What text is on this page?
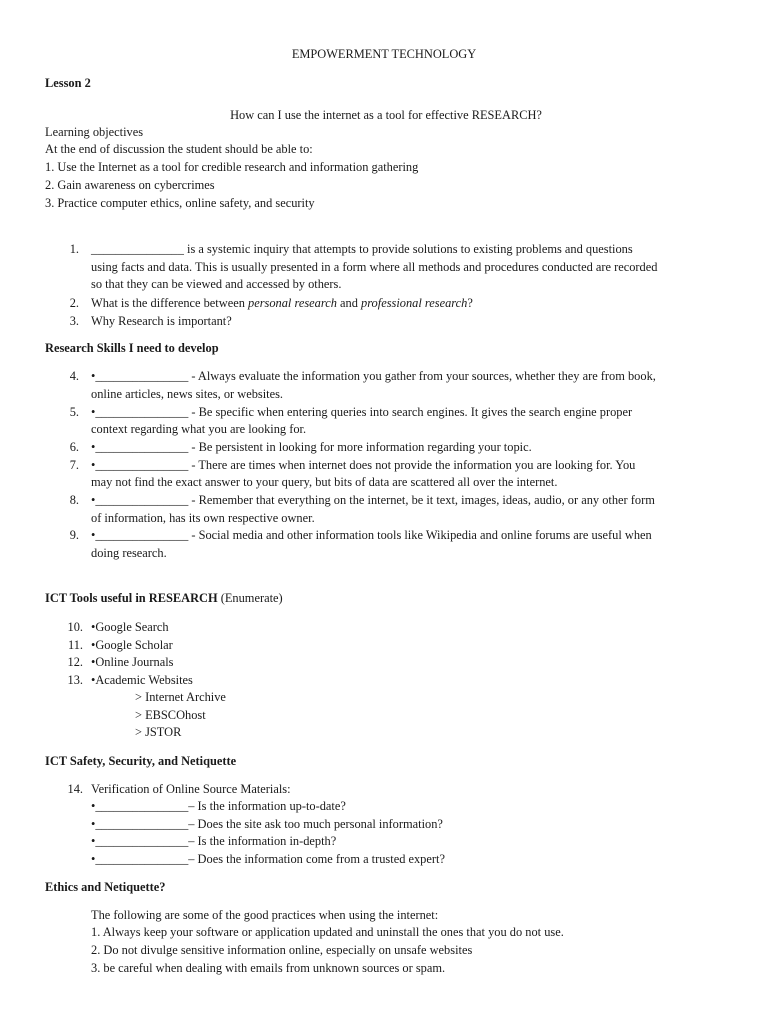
EMPOWERMENT TECHNOLOGY
Lesson 2
How can I use the internet as a tool for effective RESEARCH?
Learning objectives
At the end of discussion the student should be able to:
1. Use the Internet as a tool for credible research and information gathering
2. Gain awareness on cybercrimes
3. Practice computer ethics, online safety, and security
1. _______________ is a systemic inquiry that attempts to provide solutions to existing problems and questions
using facts and data. This is usually presented in a form where all methods and procedures conducted are recorded
so that they can be viewed and accessed by others.
2. What is the difference between personal research and professional research?
3. Why Research is important?
Research Skills I need to develop
4. •_______________ - Always evaluate the information you gather from your sources, whether they are from book,
online articles, news sites, or websites.
5. •_______________ - Be specific when entering queries into search engines. It gives the search engine proper
context regarding what you are looking for.
6. •_______________ - Be persistent in looking for more information regarding your topic.
7. •_______________ - There are times when internet does not provide the information you are looking for. You
may not find the exact answer to your query, but bits of data are scattered all over the internet.
8. •_______________ - Remember that everything on the internet, be it text, images, ideas, audio, or any other form
of information, has its own respective owner.
9. •_______________ - Social media and other information tools like Wikipedia and online forums are useful when
doing research.
ICT Tools useful in RESEARCH (Enumerate)
10. •Google Search
11. •Google Scholar
12. •Online Journals
13. •Academic Websites
> Internet Archive
> EBSCOhost
> JSTOR
ICT Safety, Security, and Netiquette
14. Verification of Online Source Materials:
•_______________– Is the information up-to-date?
•_______________– Does the site ask too much personal information?
•_______________– Is the information in-depth?
•_______________– Does the information come from a trusted expert?
Ethics and Netiquette?
The following are some of the good practices when using the internet:
1. Always keep your software or application updated and uninstall the ones that you do not use.
2. Do not divulge sensitive information online, especially on unsafe websites
3. be careful when dealing with emails from unknown sources or spam.
